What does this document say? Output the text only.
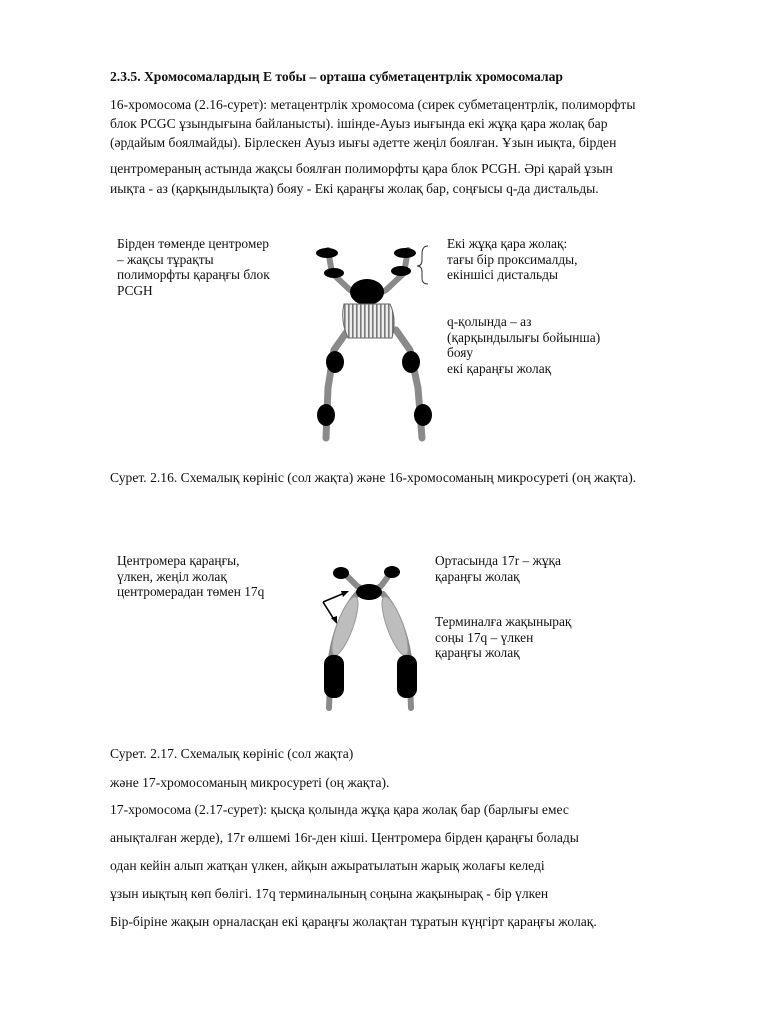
2.3.5. Хромосомалардың E тобы – орташа субметацентрлік хромосомалар
16-хромосома (2.16-сурет): метацентрлік хромосома (сирек субметацентрлік, полиморфты
блок PCGC ұзындығына байланысты). ішінде-Ауыз иығында екі жұқа қара жолақ бар
(әрдайым боялмайды). Бірлескен Ауыз иығы әдетте жеңіл боялған. Ұзын иықта, бірден
центромераның астында жақсы боялған полиморфты қара блок PCGH. Әрі қарай ұзын
иықта - аз (қарқындылықта) бояу - Екі қараңғы жолақ бар, соңғысы q-да дистальды.
Бірден төменде центромер
– жақсы тұрақты
полиморфты қараңғы блок
PCGH
Екі жұқа қара жолақ:
тағы бір проксималды,
екіншісі дистальды
q-қолында – аз
(қарқындылығы бойынша)
бояу
екі қараңғы жолақ
Сурет. 2.16. Схемалық көрініс (сол жақта) және 16-хромосоманың микросуреті (оң жақта).
Центромера қараңғы,
үлкен, жеңіл жолақ
центромерадан төмен 17q
Ортасында 17r – жұқа
қараңғы жолақ
Терминалға жақынырақ
соңы 17q – үлкен
қараңғы жолақ
Сурет. 2.17. Схемалық көрініс (сол жақта)
және 17-хромосоманың микросуреті (оң жақта).
17-хромосома (2.17-сурет): қысқа қолында жұқа қара жолақ бар (барлығы емес
анықталған жерде), 17r өлшемі 16r-ден кіші. Центромера бірден қараңғы болады
одан кейін алып жатқан үлкен, айқын ажыратылатын жарық жолағы келеді
ұзын иықтың көп бөлігі. 17q терминалының соңына жақынырақ - бір үлкен
Бір-біріне жақын орналасқан екі қараңғы жолақтан тұратын күңгірт қараңғы жолақ.
